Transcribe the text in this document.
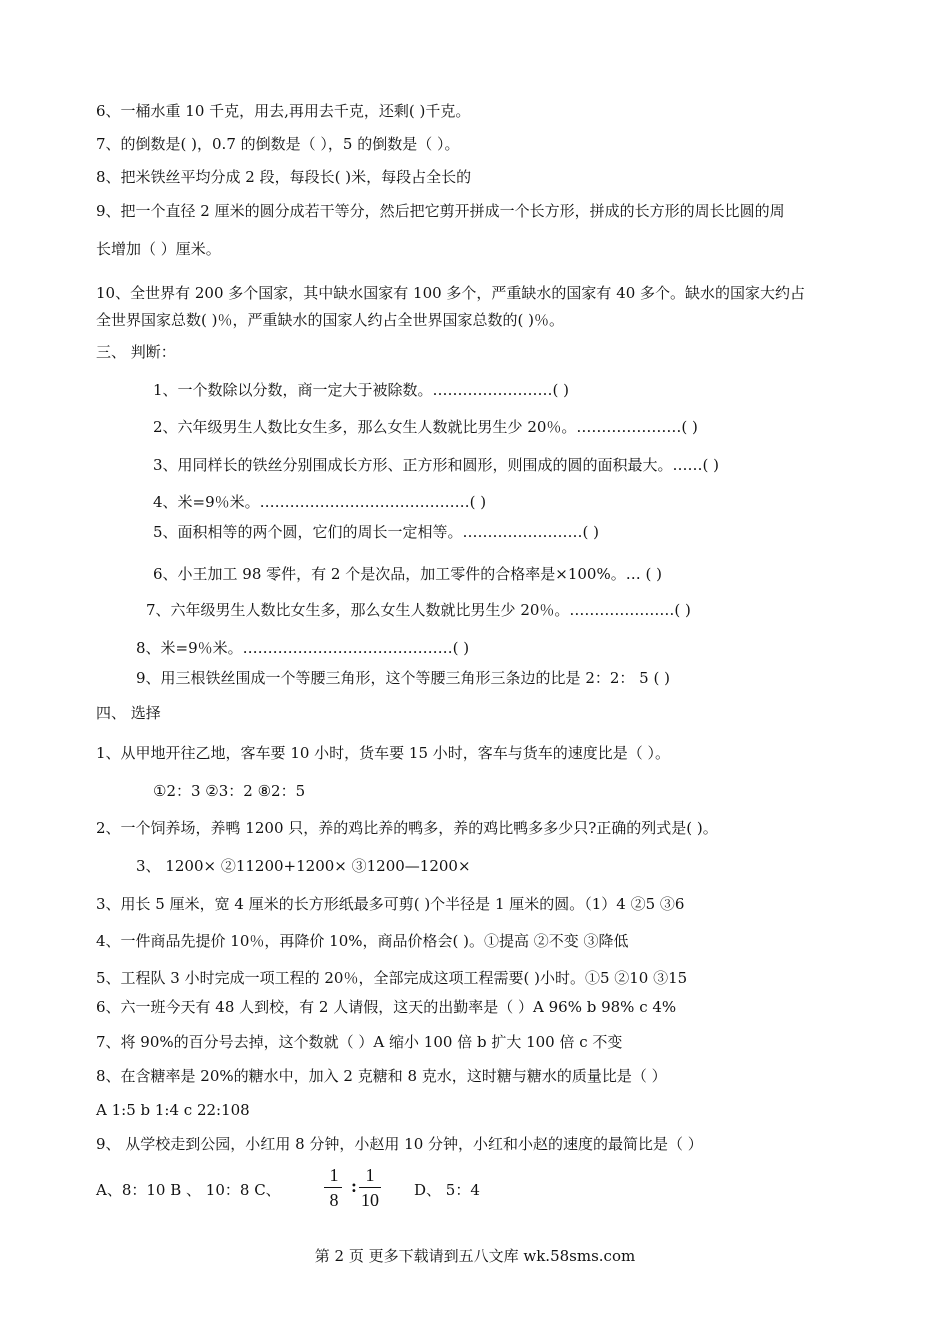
6、一桶水重 10 千克，用去,再用去千克，还剩( )千克。
7、的倒数是( )，0.7 的倒数是（ ），5 的倒数是（ ）。
8、把米铁丝平均分成 2 段，每段长( )米，每段占全长的
9、把一个直径 2 厘米的圆分成若干等分，然后把它剪开拼成一个长方形，拼成的长方形的周长比圆的周
长增加（ ）厘米。
10、全世界有 200 多个国家，其中缺水国家有 100 多个，严重缺水的国家有 40 多个。缺水的国家大约占
全世界国家总数( )％，严重缺水的国家人约占全世界国家总数的( )％。
三、 判断：
1、一个数除以分数，商一定大于被除数。……………………( )
2、六年级男生人数比女生多，那么女生人数就比男生少 20％。…………………( )
3、用同样长的铁丝分别围成长方形、正方形和圆形，则围成的圆的面积最大。……( )
4、米=9％米。……………………………………( )
5、面积相等的两个圆，它们的周长一定相等。……………………( )
6、小王加工 98 零件，有 2 个是次品，加工零件的合格率是×100%。… ( )
7、六年级男生人数比女生多，那么女生人数就比男生少 20％。…………………( )
8、米=9％米。……………………………………( )
9、用三根铁丝围成一个等腰三角形，这个等腰三角形三条边的比是 2：2： 5 ( )
四、 选择
1、从甲地开往乙地，客车要 10 小时，货车要 15 小时，客车与货车的速度比是（ ）。
①2：3 ②3：2 ⑧2：5
2、一个饲养场，养鸭 1200 只，养的鸡比养的鸭多，养的鸡比鸭多多少只?正确的列式是( )。
3、 1200× ②11200+1200× ③1200—1200×
3、用长 5 厘米，宽 4 厘米的长方形纸最多可剪( )个半径是 1 厘米的圆。（1）4 ②5 ③6
4、一件商品先提价 10％，再降价 10%，商品价格会( )。①提高 ②不变 ③降低
5、工程队 3 小时完成一项工程的 20％，全部完成这项工程需要( )小时。①5 ②10 ③15
6、六一班今天有 48 人到校，有 2 人请假，这天的出勤率是（ ）A 96% b 98% c 4%
7、将 90%的百分号去掉，这个数就（ ）A 缩小 100 倍 b 扩大 100 倍 c 不变
8、在含糖率是 20%的糖水中，加入 2 克糖和 8 克水，这时糖与糖水的质量比是（ ）
A 1:5 b 1:4 c 22:108
9、 从学校走到公园，小红用 8 分钟，小赵用 10 分钟，小红和小赵的速度的最简比是（ ）
A、8：10 B 、 10：8 C、
1
8
:
1
10 D、 5：4
第 2 页 更多下载请到五八文库 wk.58sms.com
